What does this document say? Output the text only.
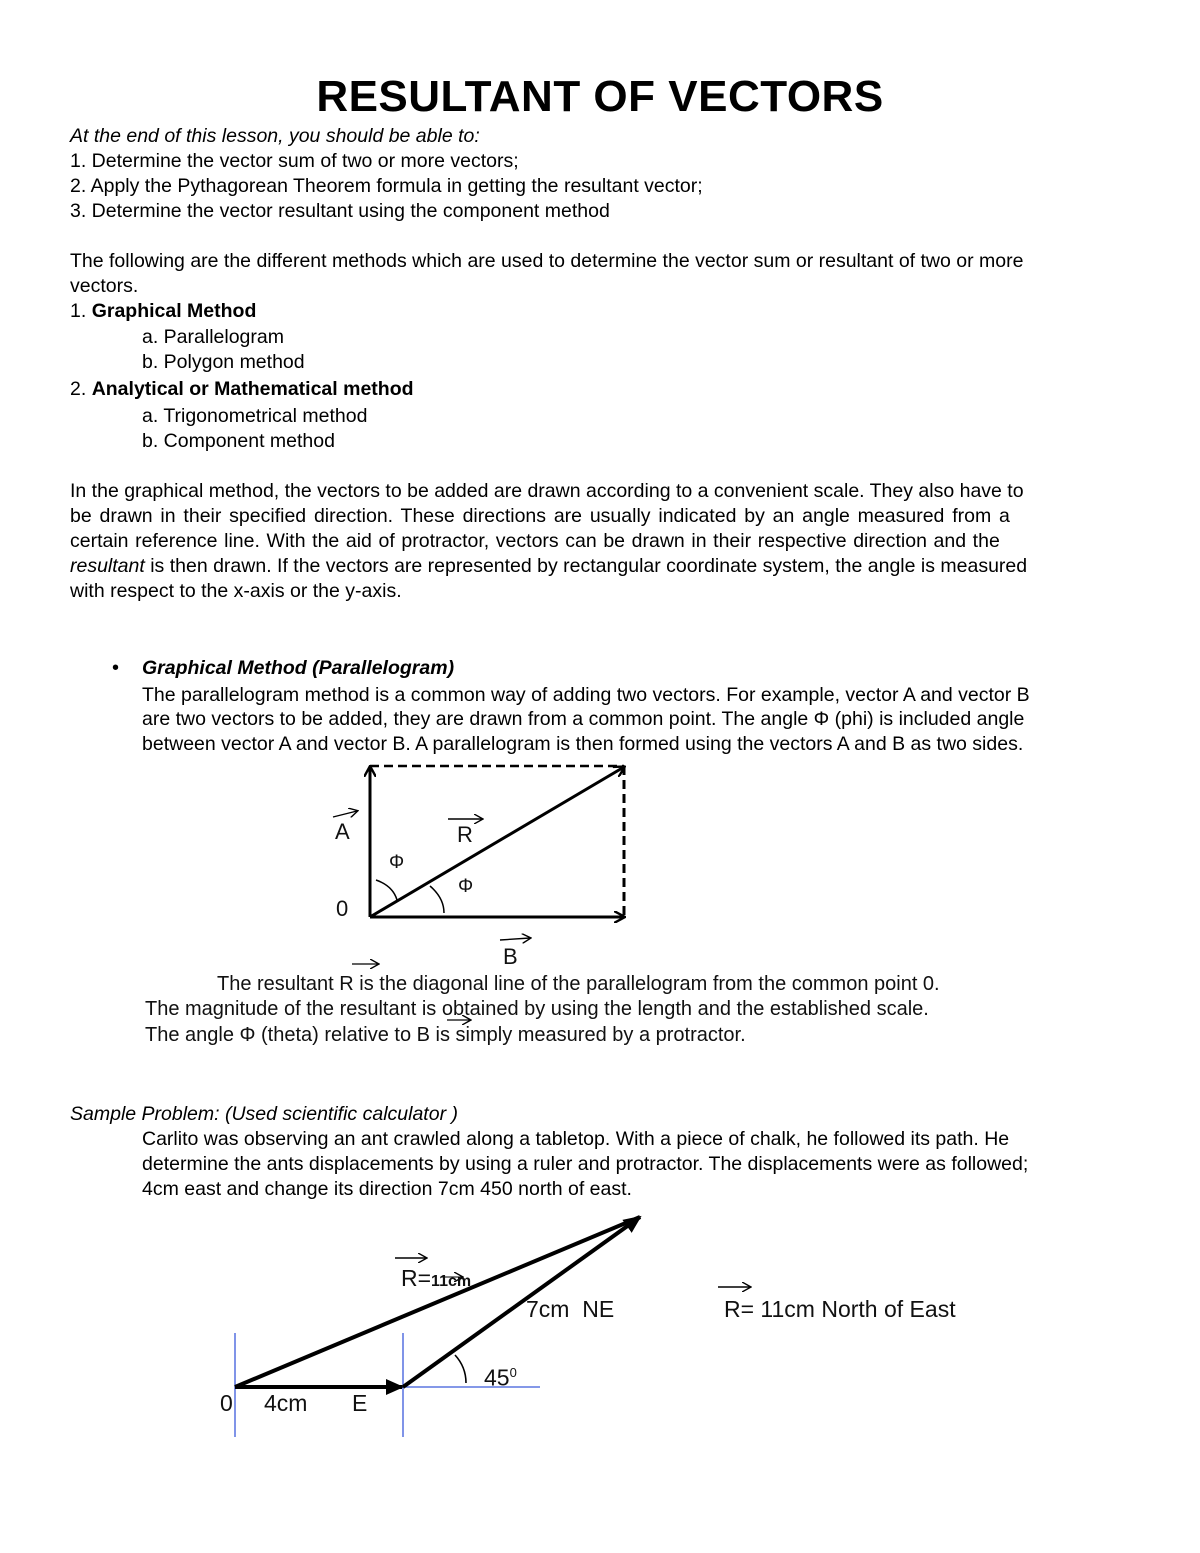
RESULTANT OF VECTORS

At the end of this lesson, you should be able to:

1. Determine the vector sum of two or more vectors;

2. Apply the Pythagorean Theorem formula in getting the resultant vector;

3. Determine the vector resultant using the component method

The following are the different methods which are used to determine the vector sum or resultant of two or more

vectors.

1. Graphical Method

a. Parallelogram

b. Polygon method

2. Analytical or Mathematical method

a. Trigonometrical method

b. Component method

In the graphical method, the vectors to be added are drawn according to a convenient scale. They also have to

be drawn in their specified direction. These directions are usually indicated by an angle measured from a

certain reference line. With the aid of protractor, vectors can be drawn in their respective direction and the

resultant is then drawn. If the vectors are represented by rectangular coordinate system, the angle is measured

with respect to the x-axis or the y-axis.

• Graphical Method (Parallelogram)

The parallelogram method is a common way of adding two vectors. For example, vector A and vector B

are two vectors to be added, they are drawn from a common point. The angle Φ (phi) is included angle

between vector A and vector B. A parallelogram is then formed using the vectors A and B as two sides.

A	R
Φ
Φ
0
B
The resultant R is the diagonal line of the parallelogram from the common point 0.
The magnitude of the resultant is obtained by using the length and the established scale.
The angle Φ (theta) relative to B is simply measured by a protractor.

Sample Problem: (Used scientific calculator )

Carlito was observing an ant crawled along a tabletop. With a piece of chalk, he followed its path. He

determine the ants displacements by using a ruler and protractor. The displacements were as followed;

4cm east and change its direction 7cm 450 north of east.

R=11cm
7cm  NE
$45^0$
0 4cm E
R= 11cm North of East
